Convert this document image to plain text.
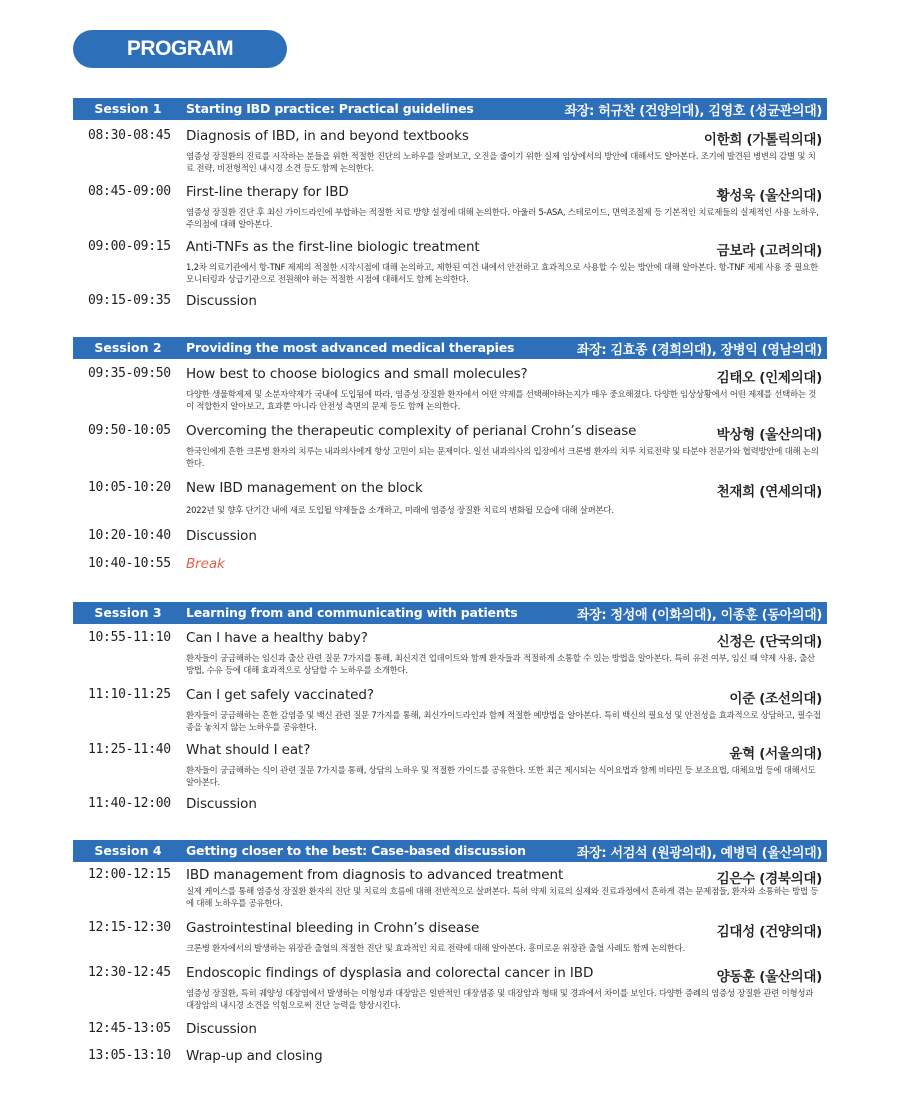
PROGRAM
Session 1	Starting IBD practice: Practical guidelines	좌장: 허규찬 (건양의대), 김영호 (성균관의대)
08:30-08:45 Diagnosis of IBD, in and beyond textbooks	이한희 (가톨릭의대)
염증성 장질환의 진료를 시작하는 분들을 위한 적절한 진단의 노하우를 살펴보고, 오진을 줄이기 위한 실제 임상에서의 방안에 대해서도 알아본다. 조기에 발견된 병변의 감별 및 치료 전략, 비전형적인 내시경 소견 등도 함께 논의한다.
08:45-09:00 First-line therapy for IBD	황성욱 (울산의대)
염증성 장질환 진단 후 최신 가이드라인에 부합하는 적절한 치료 방향 설정에 대해 논의한다. 아울러 5-ASA, 스테로이드, 면역조절제 등 기본적인 치료제들의 실제적인 사용 노하우, 주의점에 대해 알아본다.
09:00-09:15 Anti-TNFs as the first-line biologic treatment	금보라 (고려의대)
1,2차 의료기관에서 항-TNF 제제의 적절한 시작시점에 대해 논의하고, 제한된 여건 내에서 안전하고 효과적으로 사용할 수 있는 방안에 대해 알아본다. 항-TNF 제제 사용 중 필요한 모니터링과 상급기관으로 전원해야 하는 적절한 시점에 대해서도 함께 논의한다.
09:15-09:35 Discussion
Session 2	Providing the most advanced medical therapies	좌장: 김효종 (경희의대), 장병익 (영남의대)
09:35-09:50 How best to choose biologics and small molecules?	김태오 (인제의대)
다양한 생물학제제 및 소분자약제가 국내에 도입됨에 따라, 염증성 장질환 환자에서 어떤 약제를 선택해야하는지가 매우 중요해졌다. 다양한 임상상황에서 어떤 제제를 선택하는 것이 적합한지 알아보고, 효과뿐 아니라 안전성 측면의 문제 등도 함께 논의한다.
09:50-10:05 Overcoming the therapeutic complexity of perianal Crohn’s disease	박상형 (울산의대)
한국인에게 흔한 크론병 환자의 치루는 내과의사에게 항상 고민이 되는 문제이다. 일선 내과의사의 입장에서 크론병 환자의 치루 치료전략 및 타분야 전문가와 협력방안에 대해 논의한다.
10:05-10:20 New IBD management on the block	천재희 (연세의대)
2022년 및 향후 단기간 내에 새로 도입될 약제들을 소개하고, 미래에 염증성 장질환 치료의 변화될 모습에 대해 살펴본다.
10:20-10:40 Discussion
10:40-10:55 Break
Session 3	Learning from and communicating with patients	좌장: 정성애 (이화의대), 이종훈 (동아의대)
10:55-11:10 Can I have a healthy baby?	신정은 (단국의대)
환자들이 궁금해하는 임신과 출산 관련 질문 7가지를 통해, 최신지견 업데이트와 함께 환자들과 적절하게 소통할 수 있는 방법을 알아본다. 특히 유전 여부, 임신 때 약제 사용, 출산방법, 수유 등에 대해 효과적으로 상담할 수 노하우를 소개한다.
11:10-11:25 Can I get safely vaccinated?	이준 (조선의대)
환자들이 궁금해하는 흔한 감염증 및 백신 관련 질문 7가지를 통해, 최신가이드라인과 함께 적절한 예방법을 알아본다. 특히 백신의 필요성 및 안전성을 효과적으로 상담하고, 필수접종을 놓치지 않는 노하우를 공유한다.
11:25-11:40 What should I eat?	윤혁 (서울의대)
환자들이 궁금해하는 식이 관련 질문 7가지를 통해, 상담의 노하우 및 적절한 가이드를 공유한다. 또한 최근 제시되는 식이요법과 함께 비타민 등 보조요법, 대체요법 등에 대해서도 알아본다.
11:40-12:00 Discussion
Session 4	Getting closer to the best: Case-based discussion	좌장: 서검석 (원광의대), 예병덕 (울산의대)
12:00-12:15 IBD management from diagnosis to advanced treatment	김은수 (경북의대)
실제 케이스를 통해 염증성 장질환 환자의 진단 및 치료의 흐름에 대해 전반적으로 살펴본다. 특히 약제 치료의 실제와 진료과정에서 흔하게 겪는 문제점들, 환자와 소통하는 방법 등에 대해 노하우를 공유한다.
12:15-12:30 Gastrointestinal bleeding in Crohn’s disease	김대성 (건양의대)
크론병 환자에서의 발생하는 위장관 출혈의 적절한 진단 및 효과적인 치료 전략에 대해 알아본다. 흥미로운 위장관 출혈 사례도 함께 논의한다.
12:30-12:45 Endoscopic findings of dysplasia and colorectal cancer in IBD	양동훈 (울산의대)
염증성 장질환, 특히 궤양성 대장염에서 발생하는 이형성과 대장암은 일반적인 대장샘종 및 대장암과 형태 및 경과에서 차이를 보인다. 다양한 증례의 염증성 장질환 관련 이형성과 대장암의 내시경 소견을 익힘으로써 진단 능력을 향상시킨다.
12:45-13:05 Discussion
13:05-13:10 Wrap-up and closing
